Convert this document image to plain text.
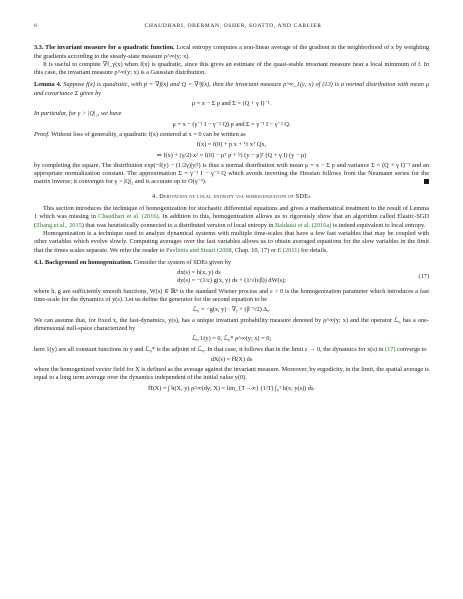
6	CHAUDHARI, OBERMAN, OSHER, SOATTO, AND CARLIER

3.3. The invariant measure for a quadratic function. Local entropy computes a non-linear average of the gradient in the neighborhood of x by weighting the gradients according to the steady-state measure ρ^∞(y; x).

It is useful to compute ∇f_γ(x) when f(x) is quadratic, since this gives an estimate of the quasi-stable invariant measure near a local minimum of f. In this case, the invariant measure ρ^∞(y; x) is a Gaussian distribution.

Lemma 4. Suppose f(x) is quadratic, with p = ∇f(x) and Q = ∇²f(x), then the invariant measure ρ^∞_1(y; x) of (13) is a normal distribution with mean μ and covariance Σ given by

μ = x − Σ p and Σ = (Q + γ I)⁻¹.

In particular, for γ > |Q|₂, we have

μ = x − (γ⁻¹ I − γ⁻² Q) p and Σ = γ⁻¹ I − γ⁻² Q.

Proof. Without loss of generality, a quadratic f(x) centered at x = 0 can be written as

f(x) = f(0) + p x + ½ xᵀ Qx,
⇒ f(x) + (γ/2) x² = f(0) − μᵀ p + ½ (y − μ)ᵀ (Q + γ I) (y − μ)

by completing the square. The distribution exp(−f(y) − (1/2γ)|y|²) is thus a normal distribution with mean μ = x − Σ p and variance Σ = (Q + γ I)⁻¹ and an appropriate normalization constant. The approximation Σ = γ⁻¹ I − γ⁻² Q which avoids inverting the Hessian follows from the Neumann series for the matrix inverse; it converges for γ > |Q|₂ and is accurate up to O(γ⁻³).

4. Derivation of local entropy via homogenization of SDEs

This section introduces the technique of homogenization for stochastic differential equations and gives a mathematical treatment to the result of Lemma 1 which was missing in Chaudhari et al. (2016). In addition to this, homogenization allows us to rigorously show that an algorithm called Elastic-SGD (Zhang et al., 2015) that was heuristically connected to a distributed version of local entropy in Baldassi et al. (2016a) is indeed equivalent to local entropy.

Homogenization is a technique used to analyze dynamical systems with multiple time-scales that have a few fast variables that may be coupled with other variables which evolve slowly. Computing averages over the fast variables allows us to obtain averaged equations for the slow variables in the limit that the times scales separate. We refer the reader to Pavliotis and Stuart (2008, Chap. 10, 17) or E (2011) for details.

4.1. Background on homogenization. Consider the system of SDEs given by

dx(s) = h(x, y) ds
dy(s) = −(1/ε) g(x, y) ds + (1/√(εβ)) dW(s);
(17)

where h, g are sufficiently smooth functions, W(s) ∈ ℝⁿ is the standard Wiener process and ε > 0 is the homogenization parameter which introduces a fast time-scale for the dynamics of y(s). Let us define the generator for the second equation to be

ℒ₀ = −g(x, y) · ∇ᵧ + (β⁻¹/2) Δᵧ.

We can assume that, for fixed x, the fast-dynamics, y(s), has a unique invariant probability measure denoted by ρ^∞(y; x) and the operator ℒ₀ has a one-dimensional null-space characterized by

ℒ₀ 1(y) = 0, ℒ₀* ρ^∞(y; x) = 0;

here 1(y) are all constant functions in y and ℒ₀* is the adjoint of ℒ₀. In that case, it follows that in the limit ε → 0, the dynamics for x(s) in (17) converge to

dX(s) = H̄(X) ds

where the homogenized vector field for X is defined as the average against the invariant measure. Moreover, by ergodicity, in the limit, the spatial average is equal to a long term average over the dynamics independent of the initial value y(0).

H̄(X) = ∫ h(X, y) ρ^∞(dy; X) = lim_{T→∞} (1/T) ∫₀ᵀ h(x, y(s)) ds.
